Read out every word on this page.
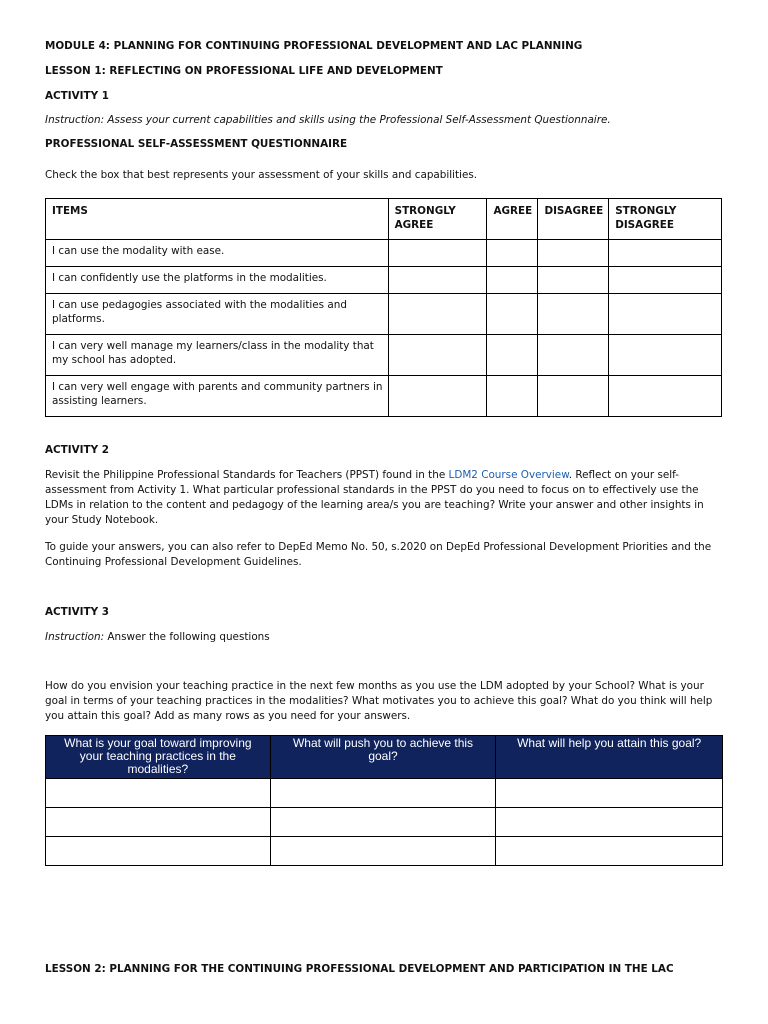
MODULE 4: PLANNING FOR CONTINUING PROFESSIONAL DEVELOPMENT AND LAC PLANNING

LESSON 1: REFLECTING ON PROFESSIONAL LIFE AND DEVELOPMENT

ACTIVITY 1

Instruction: Assess your current capabilities and skills using the Professional Self-Assessment Questionnaire.

PROFESSIONAL SELF-ASSESSMENT QUESTIONNAIRE

Check the box that best represents your assessment of your skills and capabilities.

ITEMS	STRONGLY AGREE	AGREE	DISAGREE	STRONGLY DISAGREE
I can use the modality with ease.				
I can confidently use the platforms in the modalities.				
I can use pedagogies associated with the modalities and platforms.				
I can very well manage my learners/class in the modality that my school has adopted.				
I can very well engage with parents and community partners in assisting learners.				

ACTIVITY 2

Revisit the Philippine Professional Standards for Teachers (PPST) found in the LDM2 Course Overview. Reflect on your self-assessment from Activity 1. What particular professional standards in the PPST do you need to focus on to effectively use the LDMs in relation to the content and pedagogy of the learning area/s you are teaching? Write your answer and other insights in your Study Notebook.

To guide your answers, you can also refer to DepEd Memo No. 50, s.2020 on DepEd Professional Development Priorities and the Continuing Professional Development Guidelines.

ACTIVITY 3

Instruction: Answer the following questions

How do you envision your teaching practice in the next few months as you use the LDM adopted by your School? What is your goal in terms of your teaching practices in the modalities? What motivates you to achieve this goal? What do you think will help you attain this goal? Add as many rows as you need for your answers.

What is your goal toward improving your teaching practices in the modalities?	What will push you to achieve this goal?	What will help you attain this goal?

LESSON 2: PLANNING FOR THE CONTINUING PROFESSIONAL DEVELOPMENT AND PARTICIPATION IN THE LAC
